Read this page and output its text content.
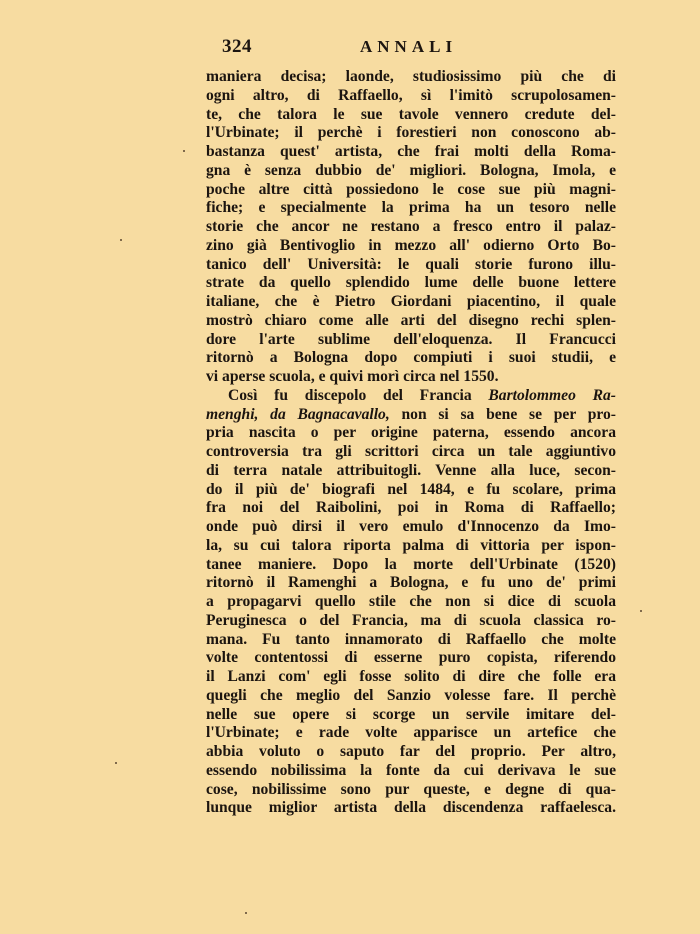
324	ANNALI
maniera decisa; laonde, studiosissimo più che di
ogni altro, di Raffaello, sì l'imitò scrupolosamen-
te, che talora le sue tavole vennero credute del-
l'Urbinate; il perchè i forestieri non conoscono ab-
bastanza quest' artista, che frai molti della Roma-
gna è senza dubbio de' migliori. Bologna, Imola, e
poche altre città possiedono le cose sue più magni-
fiche; e specialmente la prima ha un tesoro nelle
storie che ancor ne restano a fresco entro il palaz-
zino già Bentivoglio in mezzo all' odierno Orto Bo-
tanico dell' Università: le quali storie furono illu-
strate da quello splendido lume delle buone lettere
italiane, che è Pietro Giordani piacentino, il quale
mostrò chiaro come alle arti del disegno rechi splen-
dore l'arte sublime dell'eloquenza. Il Francucci
ritornò a Bologna dopo compiuti i suoi studii, e
vi aperse scuola, e quivi morì circa nel 1550.
Così fu discepolo del Francia Bartolommeo Ra-
menghi, da Bagnacavallo, non si sa bene se per pro-
pria nascita o per origine paterna, essendo ancora
controversia tra gli scrittori circa un tale aggiuntivo
di terra natale attribuitogli. Venne alla luce, secon-
do il più de' biografi nel 1484, e fu scolare, prima
fra noi del Raibolini, poi in Roma di Raffaello;
onde può dirsi il vero emulo d'Innocenzo da Imo-
la, su cui talora riporta palma di vittoria per ispon-
tanee maniere. Dopo la morte dell'Urbinate (1520)
ritornò il Ramenghi a Bologna, e fu uno de' primi
a propagarvi quello stile che non si dice di scuola
Peruginesca o del Francia, ma di scuola classica ro-
mana. Fu tanto innamorato di Raffaello che molte
volte contentossi di esserne puro copista, riferendo
il Lanzi com' egli fosse solito di dire che folle era
quegli che meglio del Sanzio volesse fare. Il perchè
nelle sue opere si scorge un servile imitare del-
l'Urbinate; e rade volte apparisce un artefice che
abbia voluto o saputo far del proprio. Per altro,
essendo nobilissima la fonte da cui derivava le sue
cose, nobilissime sono pur queste, e degne di qua-
lunque miglior artista della discendenza raffaelesca.
